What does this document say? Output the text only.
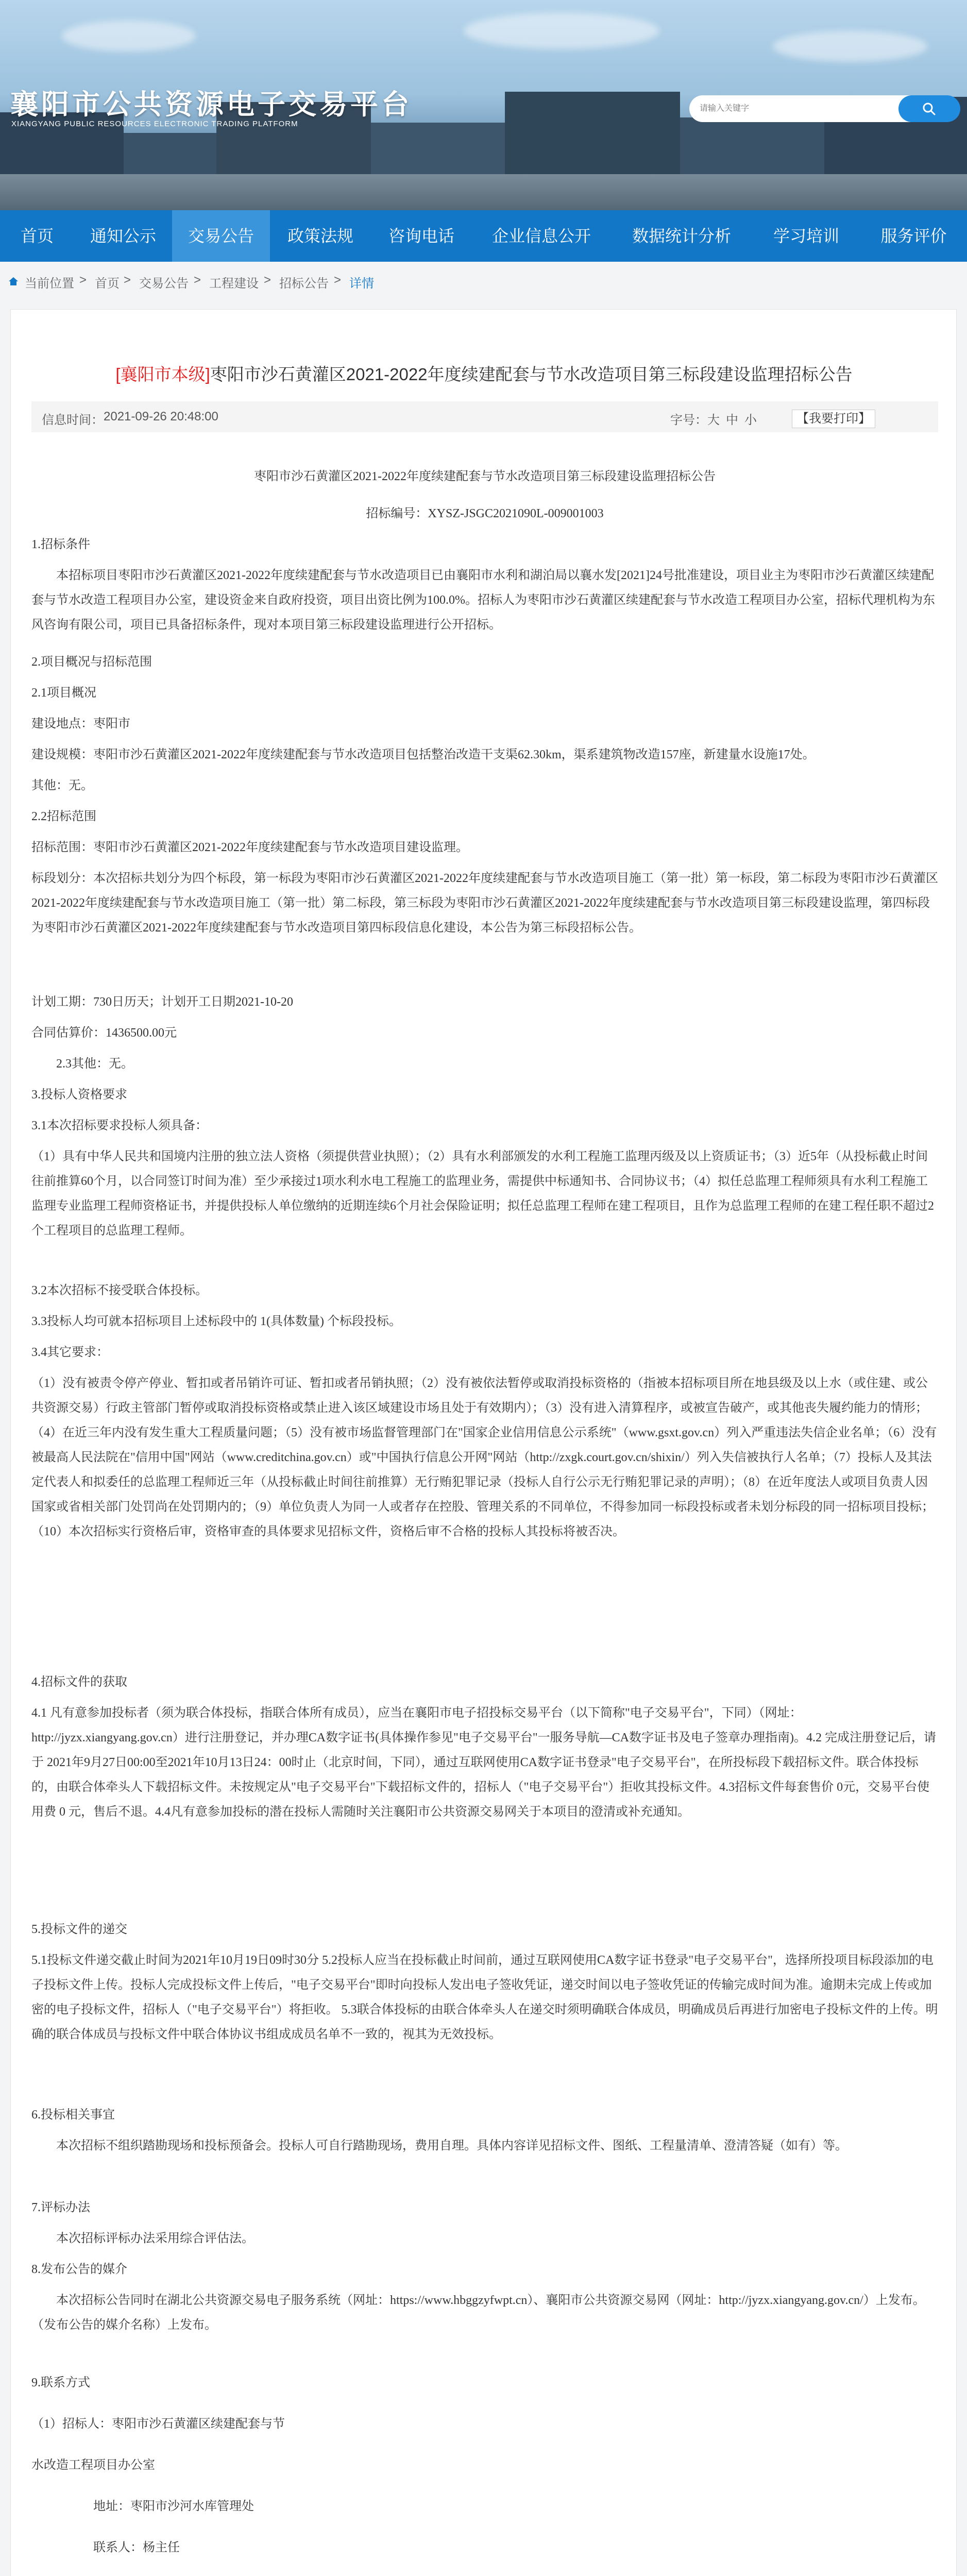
襄阳市公共资源电子交易平台
XIANGYANG PUBLIC RESOURCES ELECTRONIC TRADING PLATFORM
请输入关键字
首页	通知公示	交易公告	政策法规	咨询电话	企业信息公开	数据统计分析	学习培训	服务评价
当前位置 > 首页 > 交易公告 > 工程建设 > 招标公告 > 详情
[襄阳市本级]枣阳市沙石黄灌区2021-2022年度续建配套与节水改造项目第三标段建设监理招标公告
信息时间： 2021-09-26 20:48:00	字号： 大 中 小	【我要打印】
枣阳市沙石黄灌区2021-2022年度续建配套与节水改造项目第三标段建设监理招标公告
招标编号：XYSZ-JSGC2021090L-009001003
1.招标条件
本招标项目枣阳市沙石黄灌区2021-2022年度续建配套与节水改造项目已由襄阳市水利和湖泊局以襄水发[2021]24号批准建设，项目业主为枣阳市沙石黄灌区续建配套与节水改造工程项目办公室，建设资金来自政府投资，项目出资比例为100.0%。招标人为枣阳市沙石黄灌区续建配套与节水改造工程项目办公室，招标代理机构为东风咨询有限公司，项目已具备招标条件，现对本项目第三标段建设监理进行公开招标。
2.项目概况与招标范围
2.1项目概况
建设地点：枣阳市
建设规模：枣阳市沙石黄灌区2021-2022年度续建配套与节水改造项目包括整治改造干支渠62.30km，渠系建筑物改造157座，新建量水设施17处。
其他：无。
2.2招标范围
招标范围：枣阳市沙石黄灌区2021-2022年度续建配套与节水改造项目建设监理。
标段划分：本次招标共划分为四个标段，第一标段为枣阳市沙石黄灌区2021-2022年度续建配套与节水改造项目施工（第一批）第一标段，第二标段为枣阳市沙石黄灌区2021-2022年度续建配套与节水改造项目施工（第一批）第二标段，第三标段为枣阳市沙石黄灌区2021-2022年度续建配套与节水改造项目第三标段建设监理，第四标段为枣阳市沙石黄灌区2021-2022年度续建配套与节水改造项目第四标段信息化建设，本公告为第三标段招标公告。
计划工期：730日历天；计划开工日期2021-10-20
合同估算价：1436500.00元
2.3其他：无。
3.投标人资格要求
3.1本次招标要求投标人须具备：
（1）具有中华人民共和国境内注册的独立法人资格（须提供营业执照）；（2）具有水利部颁发的水利工程施工监理丙级及以上资质证书；（3）近5年（从投标截止时间往前推算60个月，以合同签订时间为准）至少承接过1项水利水电工程施工的监理业务，需提供中标通知书、合同协议书；（4）拟任总监理工程师须具有水利工程施工监理专业监理工程师资格证书，并提供投标人单位缴纳的近期连续6个月社会保险证明；拟任总监理工程师在建工程项目，且作为总监理工程师的在建工程任职不超过2个工程项目的总监理工程师。
3.2本次招标不接受联合体投标。
3.3投标人均可就本招标项目上述标段中的 1(具体数量) 个标段投标。
3.4其它要求：
（1）没有被责令停产停业、暂扣或者吊销许可证、暂扣或者吊销执照；（2）没有被依法暂停或取消投标资格的（指被本招标项目所在地县级及以上水（或住建、或公共资源交易）行政主管部门暂停或取消投标资格或禁止进入该区域建设市场且处于有效期内）；（3）没有进入清算程序，或被宣告破产，或其他丧失履约能力的情形；（4）在近三年内没有发生重大工程质量问题；（5）没有被市场监督管理部门在"国家企业信用信息公示系统"（www.gsxt.gov.cn）列入严重违法失信企业名单；（6）没有被最高人民法院在"信用中国"网站（www.creditchina.gov.cn）或"中国执行信息公开网"网站（http://zxgk.court.gov.cn/shixin/）列入失信被执行人名单；（7）投标人及其法定代表人和拟委任的总监理工程师近三年（从投标截止时间往前推算）无行贿犯罪记录（投标人自行公示无行贿犯罪记录的声明）；（8）在近年度法人或项目负责人因国家或省相关部门处罚尚在处罚期内的；（9）单位负责人为同一人或者存在控股、管理关系的不同单位，不得参加同一标段投标或者未划分标段的同一招标项目投标；（10）本次招标实行资格后审，资格审查的具体要求见招标文件，资格后审不合格的投标人其投标将被否决。
4.招标文件的获取
4.1 凡有意参加投标者（须为联合体投标，指联合体所有成员），应当在襄阳市电子招投标交易平台（以下简称"电子交易平台"，下同）（网址：http://jyzx.xiangyang.gov.cn）进行注册登记，并办理CA数字证书(具体操作参见"电子交易平台"一服务导航—CA数字证书及电子签章办理指南)。4.2 完成注册登记后，请于 2021年9月27日00:00至2021年10月13日24：00时止（北京时间，下同），通过互联网使用CA数字证书登录"电子交易平台"，在所投标段下载招标文件。联合体投标的，由联合体牵头人下载招标文件。未按规定从"电子交易平台"下载招标文件的，招标人（"电子交易平台"）拒收其投标文件。4.3招标文件每套售价 0元，交易平台使用费 0 元，售后不退。4.4凡有意参加投标的潜在投标人需随时关注襄阳市公共资源交易网关于本项目的澄清或补充通知。
5.投标文件的递交
5.1投标文件递交截止时间为2021年10月19日09时30分 5.2投标人应当在投标截止时间前，通过互联网使用CA数字证书登录"电子交易平台"，选择所投项目标段添加的电子投标文件上传。投标人完成投标文件上传后，"电子交易平台"即时向投标人发出电子签收凭证，递交时间以电子签收凭证的传输完成时间为准。逾期未完成上传或加密的电子投标文件，招标人（"电子交易平台"）将拒收。 5.3联合体投标的由联合体牵头人在递交时须明确联合体成员，明确成员后再进行加密电子投标文件的上传。明确的联合体成员与投标文件中联合体协议书组成成员名单不一致的，视其为无效投标。
6.投标相关事宜
本次招标不组织踏勘现场和投标预备会。投标人可自行踏勘现场，费用自理。具体内容详见招标文件、图纸、工程量清单、澄清答疑（如有）等。
7.评标办法
本次招标评标办法采用综合评估法。
8.发布公告的媒介
本次招标公告同时在湖北公共资源交易电子服务系统（网址：https://www.hbggzyfwpt.cn）、襄阳市公共资源交易网（网址：http://jyzx.xiangyang.gov.cn/）上发布。（发布公告的媒介名称）上发布。
9.联系方式
（1）招标人：枣阳市沙石黄灌区续建配套与节
水改造工程项目办公室
地址：枣阳市沙河水库管理处
联系人：杨主任
